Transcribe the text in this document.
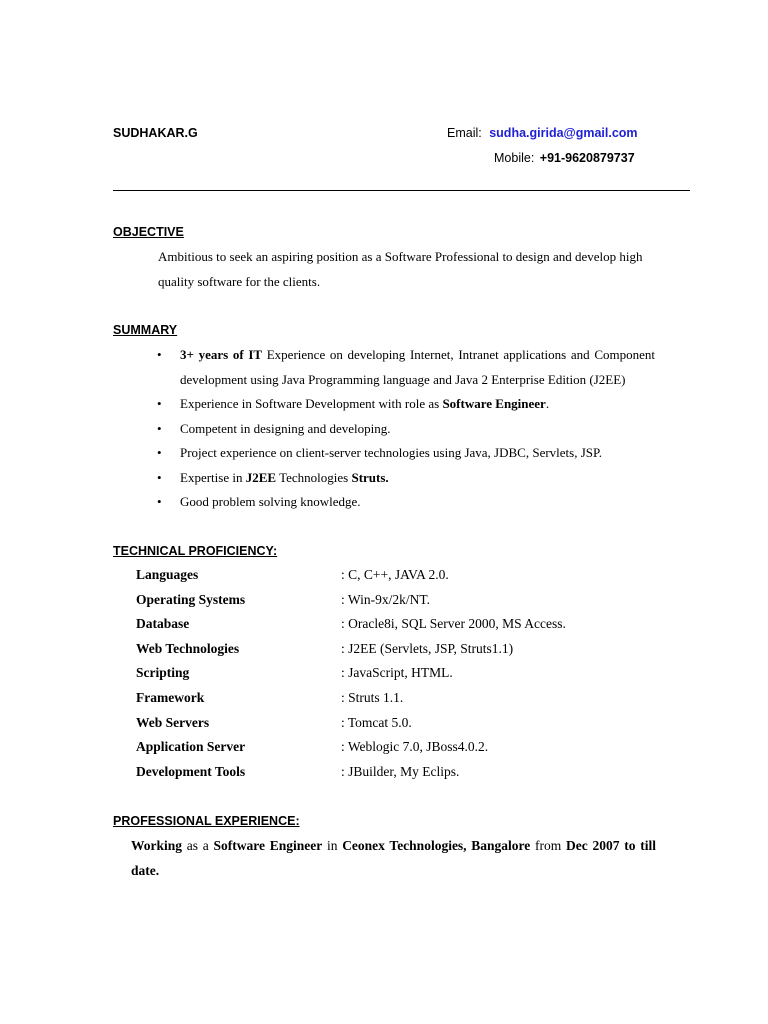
SUDHAKAR.G	Email: sudha.girida@gmail.com
Mobile: +91-9620879737
OBJECTIVE
Ambitious to seek an aspiring position as a Software Professional to design and develop high quality software for the clients.
SUMMARY
• 3+ years of IT Experience on developing Internet, Intranet applications and Component development using Java Programming language and Java 2 Enterprise Edition (J2EE)
• Experience in Software Development with role as Software Engineer.
• Competent in designing and developing.
• Project experience on client-server technologies using Java, JDBC, Servlets, JSP.
• Expertise in J2EE Technologies Struts.
• Good problem solving knowledge.
TECHNICAL PROFICIENCY:
Languages	: C, C++, JAVA 2.0.
Operating Systems	: Win-9x/2k/NT.
Database	: Oracle8i, SQL Server 2000, MS Access.
Web Technologies	: J2EE (Servlets, JSP, Struts1.1)
Scripting	: JavaScript, HTML.
Framework	: Struts 1.1.
Web Servers	: Tomcat 5.0.
Application Server	: Weblogic 7.0, JBoss4.0.2.
Development Tools	: JBuilder, My Eclips.
PROFESSIONAL EXPERIENCE:
Working as a Software Engineer in Ceonex Technologies, Bangalore from Dec 2007 to till date.
